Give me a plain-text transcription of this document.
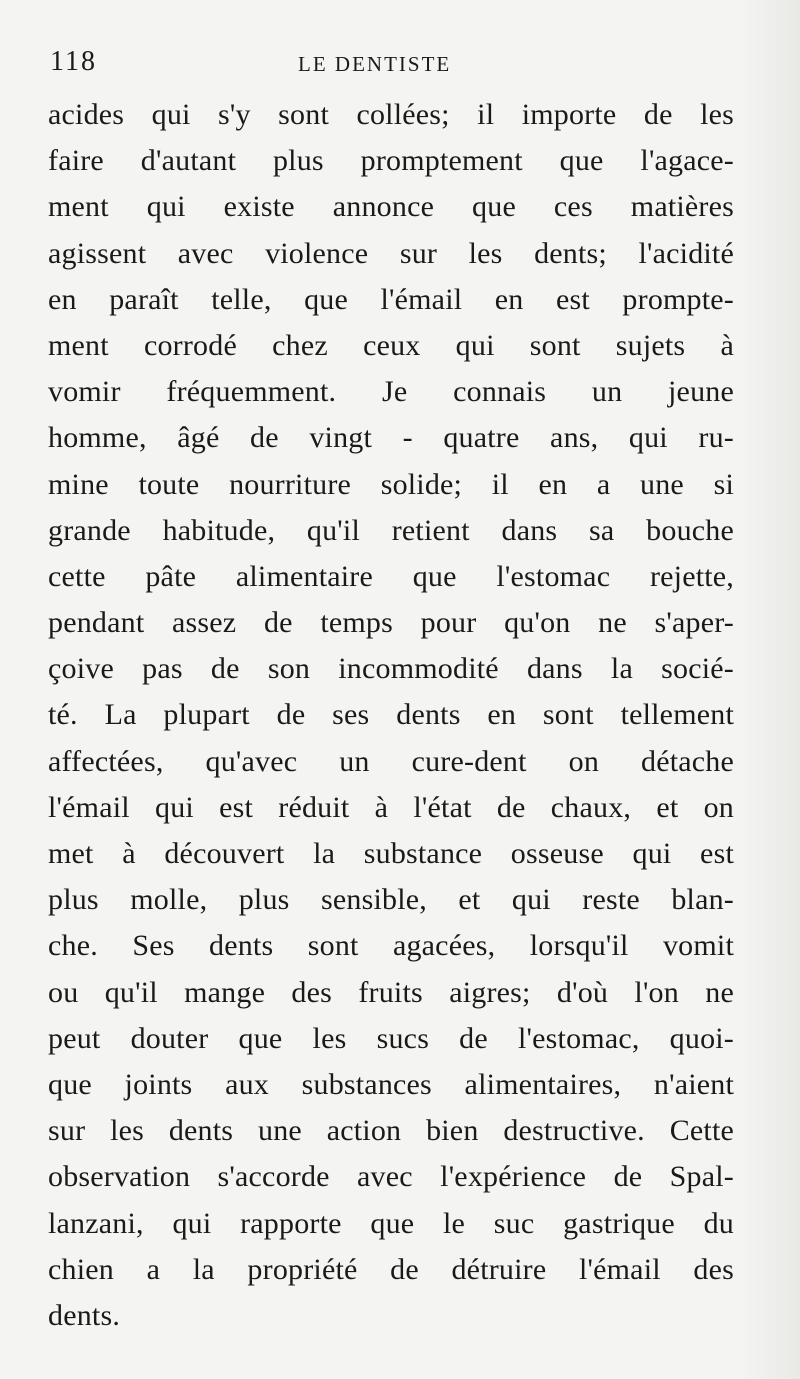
118	LE DENTISTE
acides qui s'y sont collées; il importe de les
faire d'autant plus promptement que l'agace-
ment qui existe annonce que ces matières
agissent avec violence sur les dents; l'acidité
en paraît telle, que l'émail en est prompte-
ment corrodé chez ceux qui sont sujets à
vomir fréquemment. Je connais un jeune
homme, âgé de vingt - quatre ans, qui ru-
mine toute nourriture solide; il en a une si
grande habitude, qu'il retient dans sa bouche
cette pâte alimentaire que l'estomac rejette,
pendant assez de temps pour qu'on ne s'aper-
çoive pas de son incommodité dans la socié-
té. La plupart de ses dents en sont tellement
affectées, qu'avec un cure-dent on détache
l'émail qui est réduit à l'état de chaux, et on
met à découvert la substance osseuse qui est
plus molle, plus sensible, et qui reste blan-
che. Ses dents sont agacées, lorsqu'il vomit
ou qu'il mange des fruits aigres; d'où l'on ne
peut douter que les sucs de l'estomac, quoi-
que joints aux substances alimentaires, n'aient
sur les dents une action bien destructive. Cette
observation s'accorde avec l'expérience de Spal-
lanzani, qui rapporte que le suc gastrique du
chien a la propriété de détruire l'émail des
dents.
